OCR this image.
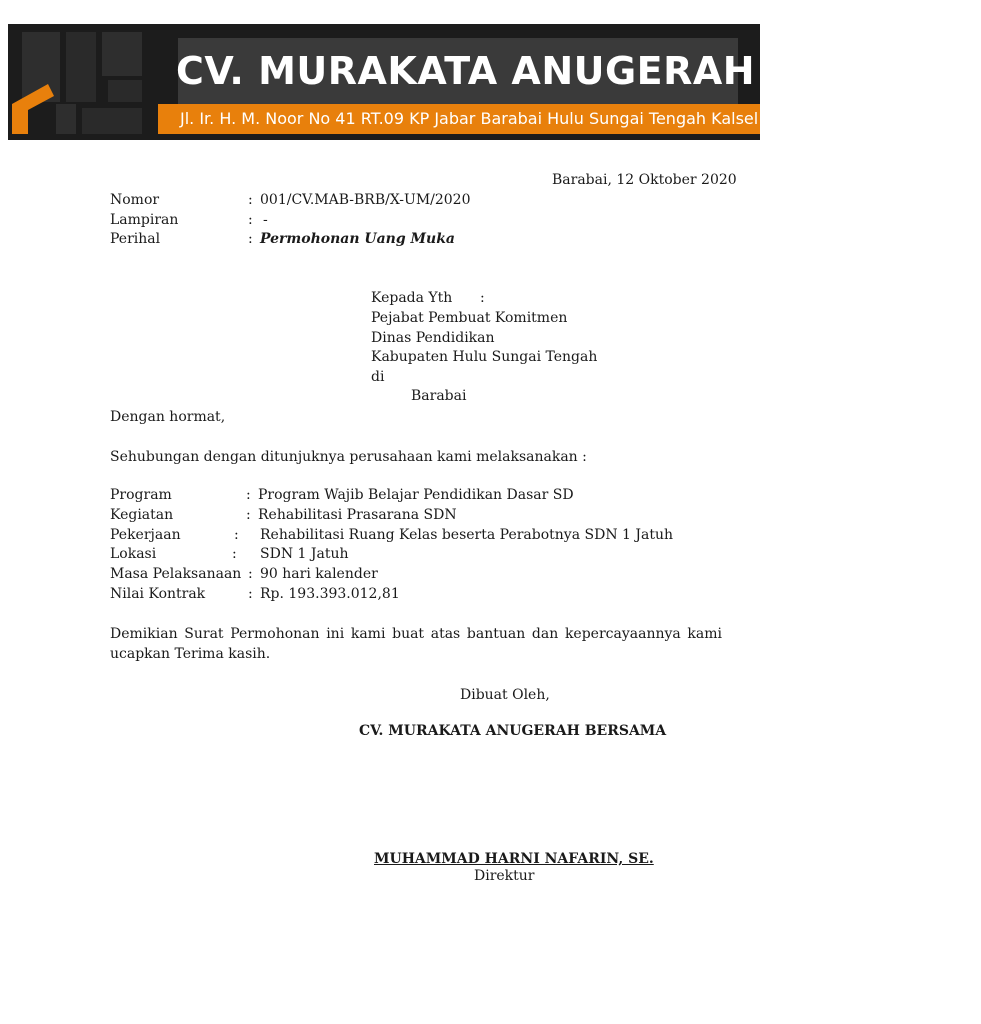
CV. MURAKATA ANUGERAH BERSAMA
Jl. Ir. H. M. Noor No 41 RT.09 KP Jabar Barabai Hulu Sungai Tengah Kalsel
Barabai, 12 Oktober 2020
Nomor	: 001/CV.MAB-BRB/X-UM/2020
Lampiran	: -
Perihal	: Permohonan Uang Muka
Kepada Yth :
Pejabat Pembuat Komitmen
Dinas Pendidikan
Kabupaten Hulu Sungai Tengah
di
Barabai
Dengan hormat,
Sehubungan dengan ditunjuknya perusahaan kami melaksanakan :
Program	: Program Wajib Belajar Pendidikan Dasar SD
Kegiatan	: Rehabilitasi Prasarana SDN
Pekerjaan	: Rehabilitasi Ruang Kelas beserta Perabotnya SDN 1 Jatuh
Lokasi	: SDN 1 Jatuh
Masa Pelaksanaan : 90 hari kalender
Nilai Kontrak	: Rp. 193.393.012,81
Demikian Surat Permohonan ini kami buat atas bantuan dan kepercayaannya kami ucapkan Terima kasih.
Dibuat Oleh,
CV. MURAKATA ANUGERAH BERSAMA
MUHAMMAD HARNI NAFARIN, SE.
Direktur
